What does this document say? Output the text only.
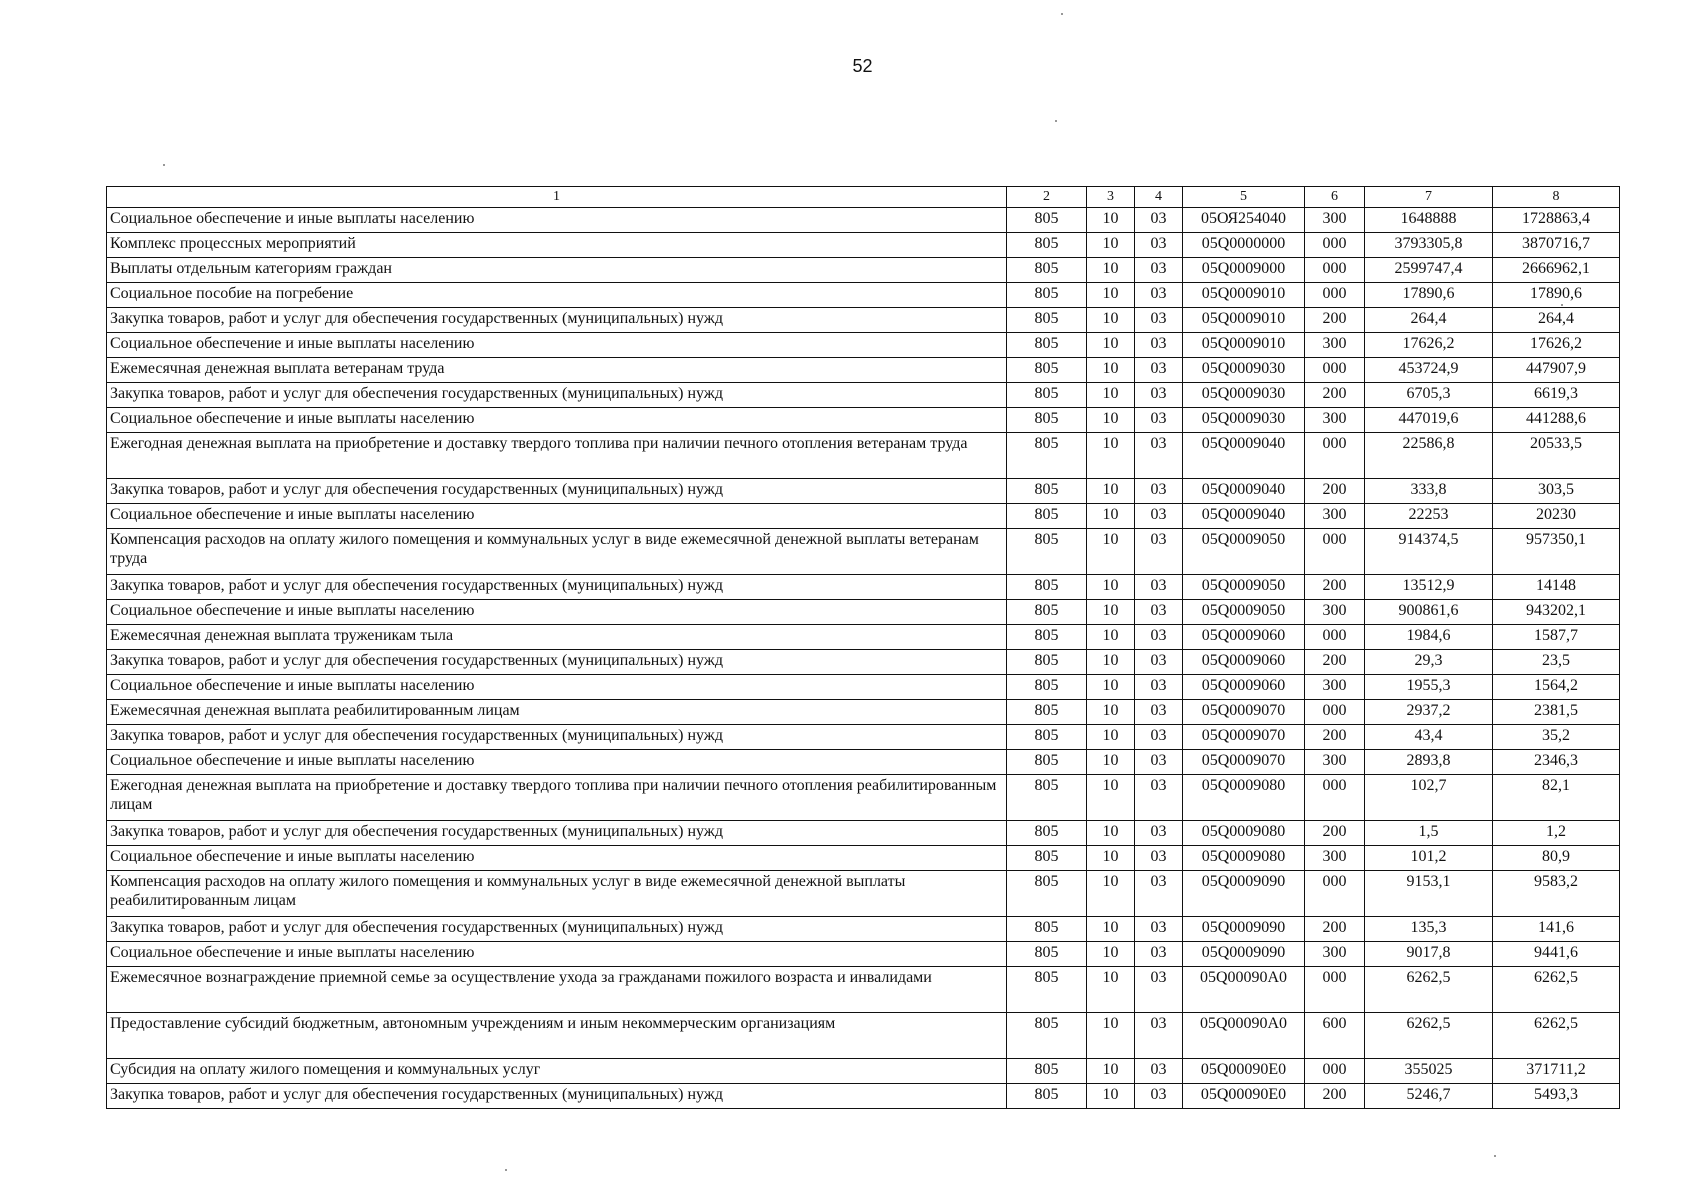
52
1	2	3	4	5	6	7	8
Социальное обеспечение и иные выплаты населению	805	10	03	05ОЯ254040	300	1648888	1728863,4
Комплекс процессных мероприятий	805	10	03	05Q0000000	000	3793305,8	3870716,7
Выплаты отдельным категориям граждан	805	10	03	05Q0009000	000	2599747,4	2666962,1
Социальное пособие на погребение	805	10	03	05Q0009010	000	17890,6	17890,6
Закупка товаров, работ и услуг для обеспечения государственных (муниципальных) нужд	805	10	03	05Q0009010	200	264,4	264,4
Социальное обеспечение и иные выплаты населению	805	10	03	05Q0009010	300	17626,2	17626,2
Ежемесячная денежная выплата ветеранам труда	805	10	03	05Q0009030	000	453724,9	447907,9
Закупка товаров, работ и услуг для обеспечения государственных (муниципальных) нужд	805	10	03	05Q0009030	200	6705,3	6619,3
Социальное обеспечение и иные выплаты населению	805	10	03	05Q0009030	300	447019,6	441288,6
Ежегодная денежная выплата на приобретение и доставку твердого топлива при наличии печного отопления ветеранам труда	805	10	03	05Q0009040	000	22586,8	20533,5
Закупка товаров, работ и услуг для обеспечения государственных (муниципальных) нужд	805	10	03	05Q0009040	200	333,8	303,5
Социальное обеспечение и иные выплаты населению	805	10	03	05Q0009040	300	22253	20230
Компенсация расходов на оплату жилого помещения и коммунальных услуг в виде ежемесячной денежной выплаты ветеранам труда	805	10	03	05Q0009050	000	914374,5	957350,1
Закупка товаров, работ и услуг для обеспечения государственных (муниципальных) нужд	805	10	03	05Q0009050	200	13512,9	14148
Социальное обеспечение и иные выплаты населению	805	10	03	05Q0009050	300	900861,6	943202,1
Ежемесячная денежная выплата труженикам тыла	805	10	03	05Q0009060	000	1984,6	1587,7
Закупка товаров, работ и услуг для обеспечения государственных (муниципальных) нужд	805	10	03	05Q0009060	200	29,3	23,5
Социальное обеспечение и иные выплаты населению	805	10	03	05Q0009060	300	1955,3	1564,2
Ежемесячная денежная выплата реабилитированным лицам	805	10	03	05Q0009070	000	2937,2	2381,5
Закупка товаров, работ и услуг для обеспечения государственных (муниципальных) нужд	805	10	03	05Q0009070	200	43,4	35,2
Социальное обеспечение и иные выплаты населению	805	10	03	05Q0009070	300	2893,8	2346,3
Ежегодная денежная выплата на приобретение и доставку твердого топлива при наличии печного отопления реабилитированным лицам	805	10	03	05Q0009080	000	102,7	82,1
Закупка товаров, работ и услуг для обеспечения государственных (муниципальных) нужд	805	10	03	05Q0009080	200	1,5	1,2
Социальное обеспечение и иные выплаты населению	805	10	03	05Q0009080	300	101,2	80,9
Компенсация расходов на оплату жилого помещения и коммунальных услуг в виде ежемесячной денежной выплаты реабилитированным лицам	805	10	03	05Q0009090	000	9153,1	9583,2
Закупка товаров, работ и услуг для обеспечения государственных (муниципальных) нужд	805	10	03	05Q0009090	200	135,3	141,6
Социальное обеспечение и иные выплаты населению	805	10	03	05Q0009090	300	9017,8	9441,6
Ежемесячное вознаграждение приемной семье за осуществление ухода за гражданами пожилого возраста и инвалидами	805	10	03	05Q00090А0	000	6262,5	6262,5
Предоставление субсидий бюджетным, автономным учреждениям и иным некоммерческим организациям	805	10	03	05Q00090А0	600	6262,5	6262,5
Субсидия на оплату жилого помещения и коммунальных услуг	805	10	03	05Q00090Е0	000	355025	371711,2
Закупка товаров, работ и услуг для обеспечения государственных (муниципальных) нужд	805	10	03	05Q00090Е0	200	5246,7	5493,3
